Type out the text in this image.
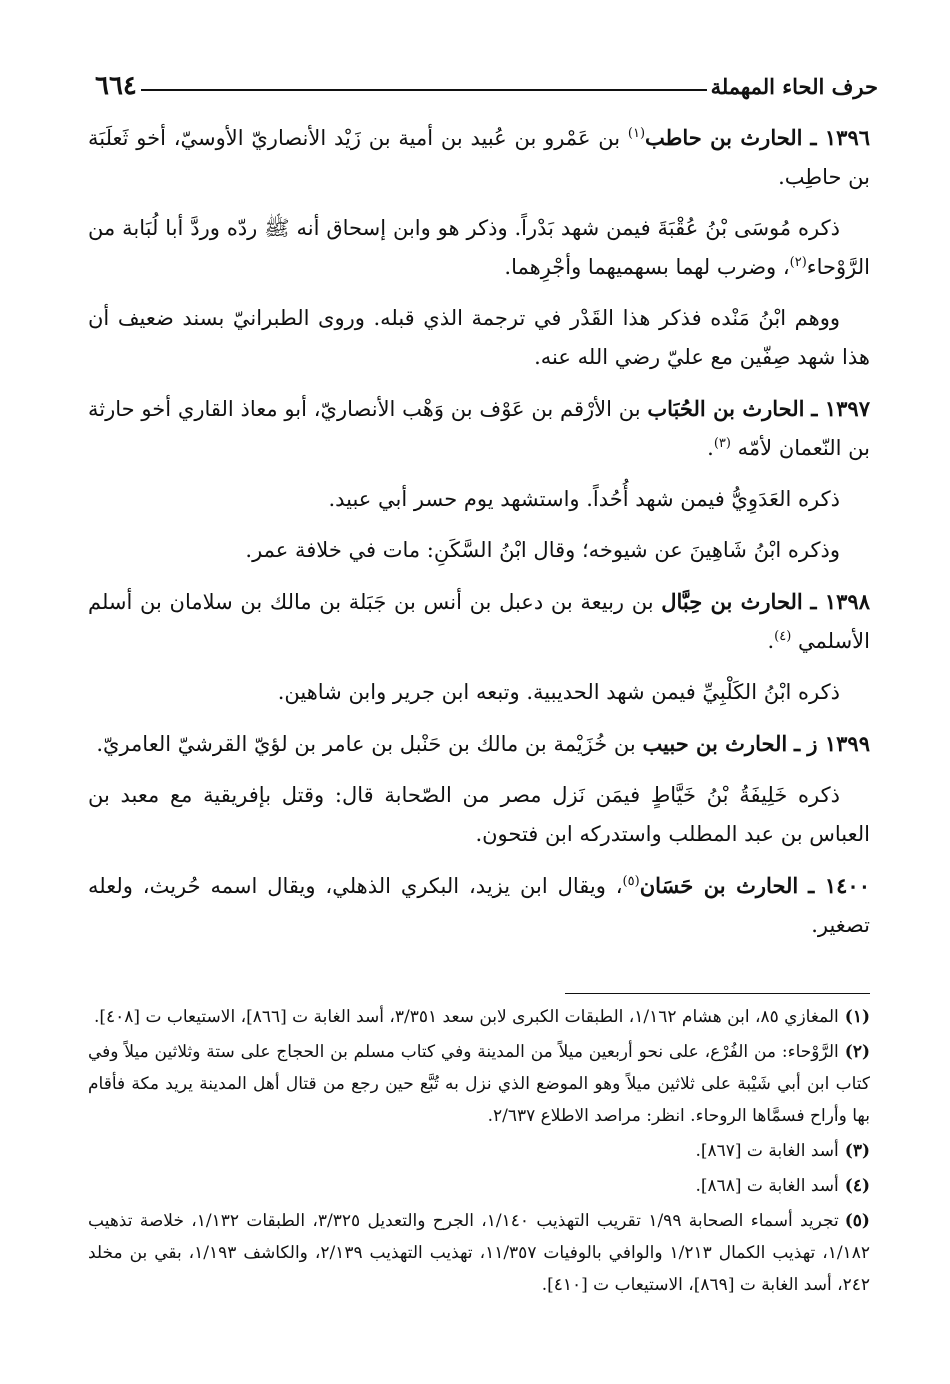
حرف الحاء المهملة
٦٦٤

١٣٩٦ ـ الحارث بن حاطب$^{(١)}$ بن عَمْرو بن عُبيد بن أمية بن زَيْد الأنصاريّ الأوسيّ، أخو ثَعلَبَة بن حاطِب.

ذكره مُوسَى بْنُ عُقْبَةَ فيمن شهد بَدْراً. وذكر هو وابن إسحاق أنه ﷺ ردّه وردَّ أبا لُبَابة من الرَّوْحاء$^{(٢)}$، وضرب لهما بسهميهما وأجْرِهما.

ووهم ابْنُ مَنْده فذكر هذا القَدْر في ترجمة الذي قبله. وروى الطبرانيّ بسند ضعيف أن هذا شهد صِفّين مع عليّ رضي الله عنه.

١٣٩٧ ـ الحارث بن الحُبَاب بن الأرْقم بن عَوْف بن وَهْب الأنصاريّ، أبو معاذ القاري أخو حارثة بن النّعمان لأمّه $^{(٣)}$.

ذكره العَدَوِيُّ فيمن شهد أُحُداً. واستشهد يوم حسر أبي عبيد.

وذكره ابْنُ شَاهِينَ عن شيوخه؛ وقال ابْنُ السَّكَنِ: مات في خلافة عمر.

١٣٩٨ ـ الحارث بن حِبَّال بن ربيعة بن دعبل بن أنس بن جَبَلة بن مالك بن سلامان بن أسلم الأسلمي $^{(٤)}$.

ذكره ابْنُ الكَلْبِيِّ فيمن شهد الحديبية. وتبعه ابن جرير وابن شاهين.

١٣٩٩ ز ـ الحارث بن حبيب بن خُزَيْمة بن مالك بن حَنْبل بن عامر بن لؤيّ القرشيّ العامريّ.

ذكره خَلِيفَةُ بْنُ خَيَّاطٍ فيمَن نَزل مصر من الصّحابة قال: وقتل بإفريقية مع معبد بن العباس بن عبد المطلب واستدركه ابن فتحون.

١٤٠٠ ـ الحارث بن حَسَان$^{(٥)}$، ويقال ابن يزيد، البكري الذهلي، ويقال اسمه حُريث، ولعله تصغير.

(١)المغازي ٨٥، ابن هشام ١/١٦٢، الطبقات الكبرى لابن سعد ٣/٣٥١، أسد الغابة ت [٨٦٦]، الاستيعاب ت [٤٠٨].
(٢)الرَّوْحاء: من الفُرْع، على نحو أربعين ميلاً من المدينة وفي كتاب مسلم بن الحجاج على ستة وثلاثين ميلاً وفي كتاب ابن أبي شَيْبة على ثلاثين ميلاً وهو الموضع الذي نزل به تُبَّع حين رجع من قتال أهل المدينة يريد مكة فأقام بها وأراح فسمَّاها الروحاء. انظر: مراصد الاطلاع ٢/٦٣٧.
(٣)أسد الغابة ت [٨٦٧].
(٤)أسد الغابة ت [٨٦٨].
(٥)تجريد أسماء الصحابة ١/٩٩ تقريب التهذيب ١/١٤٠، الجرح والتعديل ٣/٣٢٥، الطبقات ١/١٣٢، خلاصة تذهيب ١/١٨٢، تهذيب الكمال ١/٢١٣ والوافي بالوفيات ١١/٣٥٧، تهذيب التهذيب ٢/١٣٩، والكاشف ١/١٩٣، بقي بن مخلد ٢٤٢، أسد الغابة ت [٨٦٩]، الاستيعاب ت [٤١٠].
